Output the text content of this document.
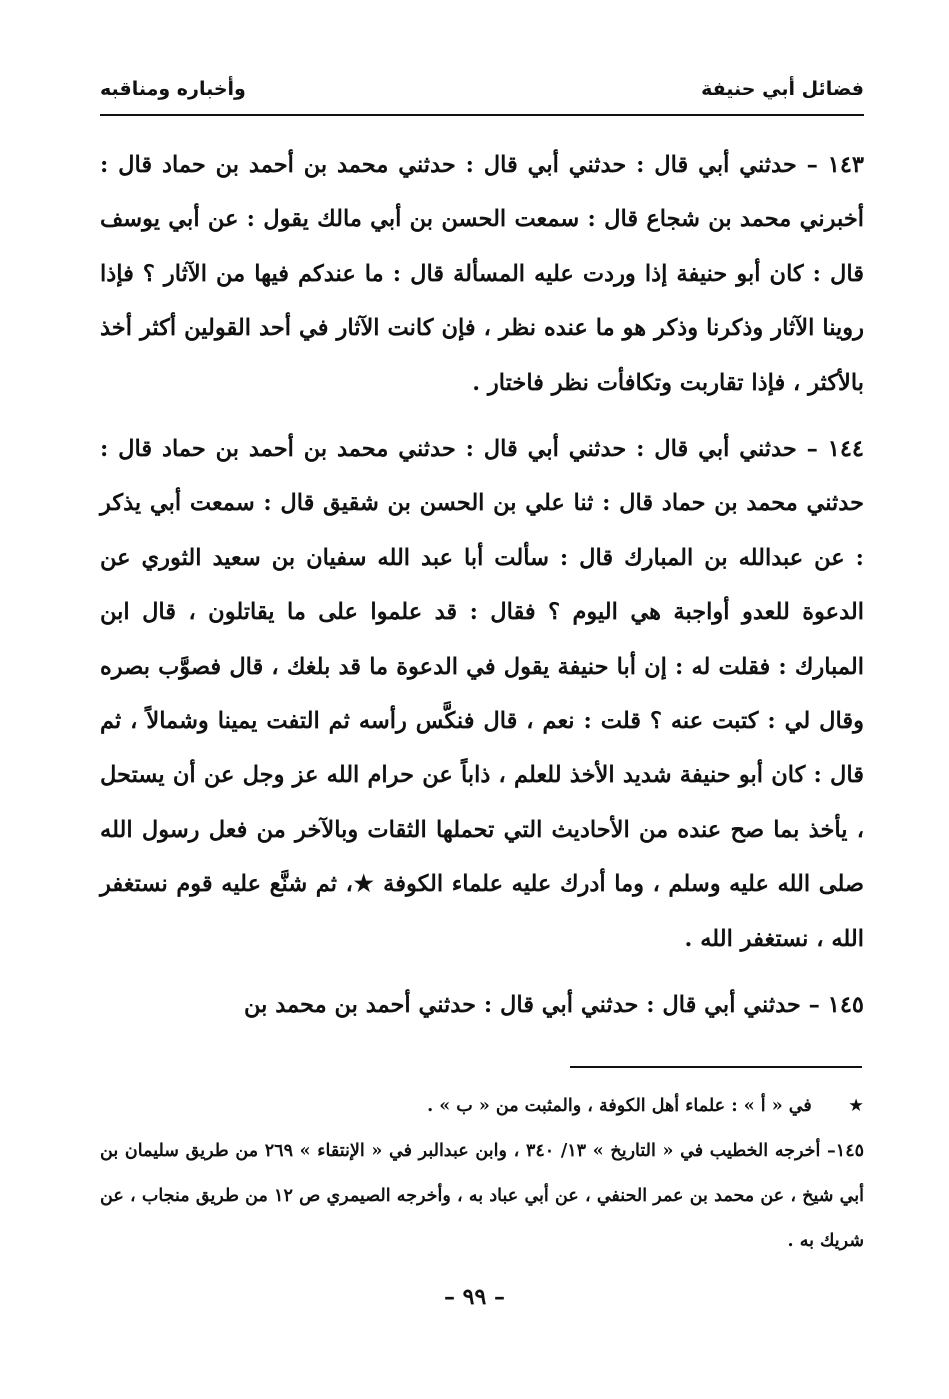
وأخباره ومناقبه	فضائل أبي حنيفة

١٤٣ – حدثني أبي قال : حدثني أبي قال : حدثني محمد بن أحمد بن حماد قال : أخبرني محمد بن شجاع قال : سمعت الحسن بن أبي مالك يقول : عن أبي يوسف قال : كان أبو حنيفة إذا وردت عليه المسألة قال : ما عندكم فيها من الآثار ؟ فإذا روينا الآثار وذكرنا وذكر هو ما عنده نظر ، فإن كانت الآثار في أحد القولين أكثر أخذ بالأكثر ، فإذا تقاربت وتكافأت نظر فاختار .

١٤٤ – حدثني أبي قال : حدثني أبي قال : حدثني محمد بن أحمد بن حماد قال : حدثني محمد بن حماد قال : ثنا علي بن الحسن بن شقيق قال : سمعت أبي يذكر : عن عبدالله بن المبارك قال : سألت أبا عبد الله سفيان بن سعيد الثوري عن الدعوة للعدو أواجبة هي اليوم ؟ فقال : قد علموا على ما يقاتلون ، قال ابن المبارك : فقلت له : إن أبا حنيفة يقول في الدعوة ما قد بلغك ، قال فصوَّب بصره وقال لي : كتبت عنه ؟ قلت : نعم ، قال فنكَّس رأسه ثم التفت يمينا وشمالاً ، ثم قال : كان أبو حنيفة شديد الأخذ للعلم ، ذاباً عن حرام الله عز وجل عن أن يستحل ، يأخذ بما صح عنده من الأحاديث التي تحملها الثقات وبالآخر من فعل رسول الله صلى الله عليه وسلم ، وما أدرك عليه علماء الكوفة ★، ثم شنَّع عليه قوم نستغفر الله ، نستغفر الله .

١٤٥ – حدثني أبي قال : حدثني أبي قال : حدثني أحمد بن محمد بن

★      في « أ » : علماء أهل الكوفة ، والمثبت من « ب » .

١٤٥– أخرجه الخطيب في « التاريخ » ١٣/ ٣٤٠ ، وابن عبدالبر في « الإنتقاء » ٢٦٩ من طريق سليمان بن أبي شيخ ، عن محمد بن عمر الحنفي ، عن أبي عباد به ، وأخرجه الصيمري ص ١٢ من طريق منجاب ، عن شريك به .

– ٩٩ –
